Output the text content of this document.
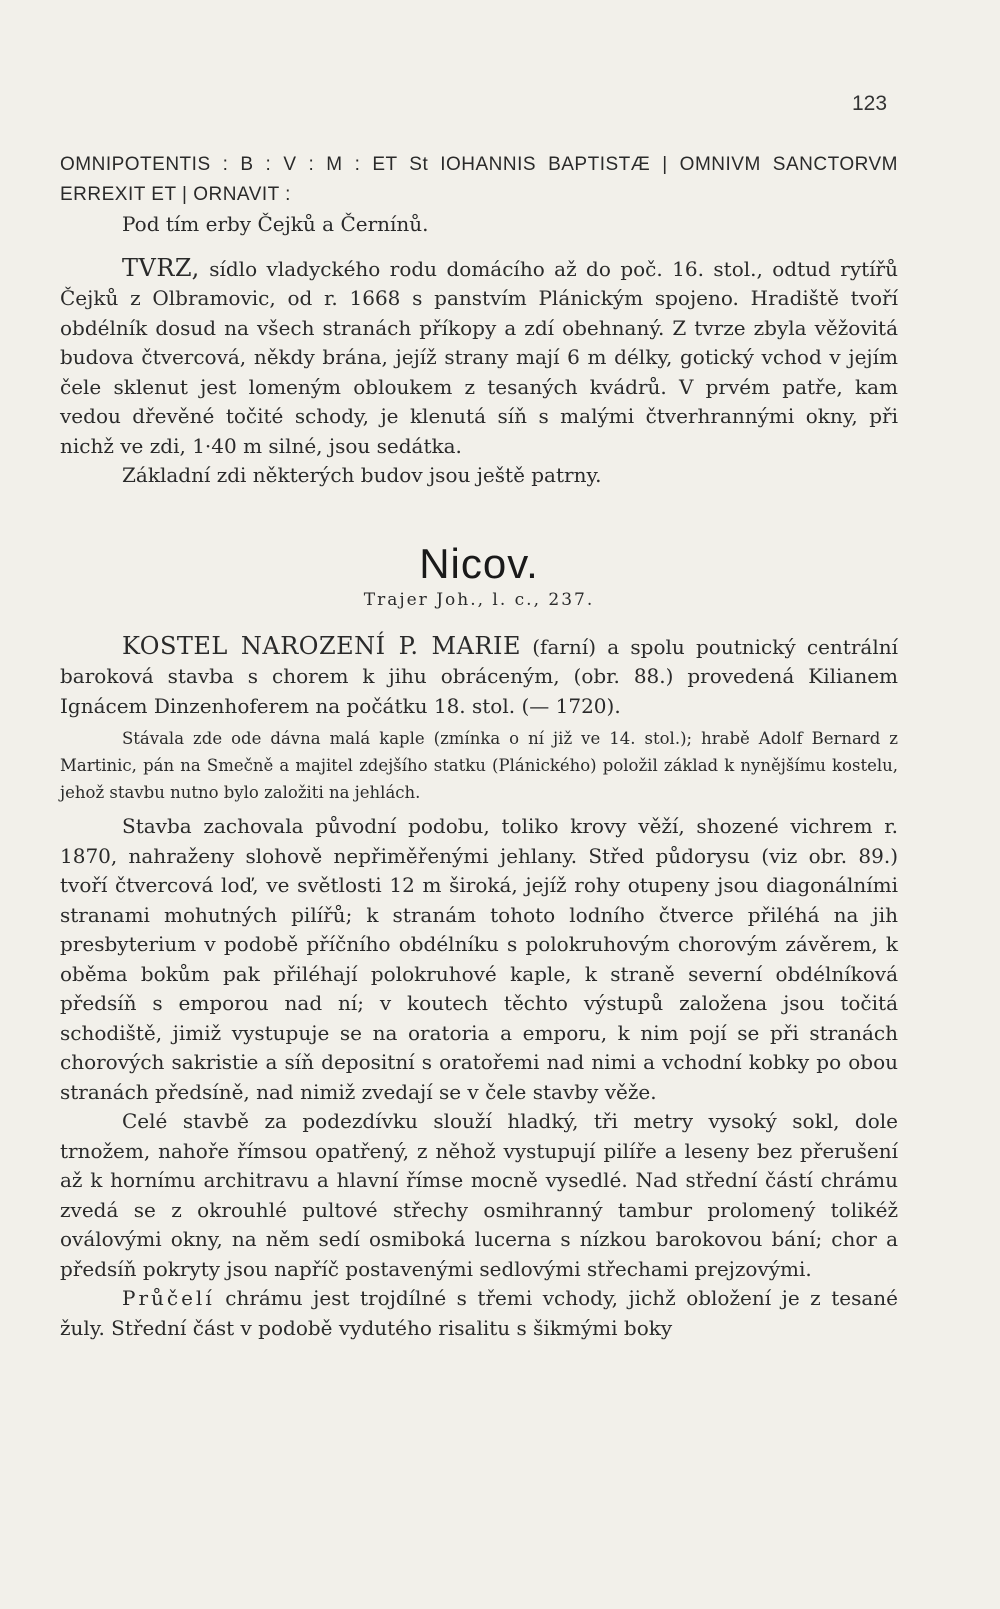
123

OMNIPOTENTIS : B : V : M : ET St IOHANNIS BAPTISTÆ | OMNIVM SANCTORVM ERREXIT ET | ORNAVIT :

Pod tím erby Čejků a Černínů.

TVRZ, sídlo vladyckého rodu domácího až do poč. 16. stol., odtud rytířů Čejků z Olbramovic, od r. 1668 s panstvím Plánickým spojeno. Hradiště tvoří obdélník dosud na všech stranách příkopy a zdí obehnaný. Z tvrze zbyla věžovitá budova čtvercová, někdy brána, jejíž strany mají 6 m délky, gotický vchod v jejím čele sklenut jest lomeným obloukem z tesaných kvádrů. V prvém patře, kam vedou dřevěné točité schody, je klenutá síň s malými čtverhrannými okny, při nichž ve zdi, 1·40 m silné, jsou sedátka.

Základní zdi některých budov jsou ještě patrny.

Nicov.
Trajer Joh., l. c., 237.

KOSTEL NAROZENÍ P. MARIE (farní) a spolu poutnický centrální baroková stavba s chorem k jihu obráceným, (obr. 88.) provedená Kilianem Ignácem Dinzenhoferem na počátku 18. stol. (— 1720).

Stávala zde ode dávna malá kaple (zmínka o ní již ve 14. stol.); hrabě Adolf Bernard z Martinic, pán na Smečně a majitel zdejšího statku (Plánického) položil základ k nynějšímu kostelu, jehož stavbu nutno bylo založiti na jehlách.

Stavba zachovala původní podobu, toliko krovy věží, shozené vichrem r. 1870, nahraženy slohově nepřiměřenými jehlany. Střed půdorysu (viz obr. 89.) tvoří čtvercová loď, ve světlosti 12 m široká, jejíž rohy otupeny jsou diagonálními stranami mohutných pilířů; k stranám tohoto lodního čtverce přiléhá na jih presbyterium v podobě příčního obdélníku s polokruhovým chorovým závěrem, k oběma bokům pak přiléhají polokruhové kaple, k straně severní obdélníková předsíň s emporou nad ní; v koutech těchto výstupů založena jsou točitá schodiště, jimiž vystupuje se na oratoria a emporu, k nim pojí se při stranách chorových sakristie a síň depositní s oratořemi nad nimi a vchodní kobky po obou stranách předsíně, nad nimiž zvedají se v čele stavby věže.

Celé stavbě za podezdívku slouží hladký, tři metry vysoký sokl, dole trnožem, nahoře římsou opatřený, z něhož vystupují pilíře a leseny bez přerušení až k hornímu architravu a hlavní římse mocně vysedlé. Nad střední částí chrámu zvedá se z okrouhlé pultové střechy osmihranný tambur prolomený tolikéž oválovými okny, na něm sedí osmiboká lucerna s nízkou barokovou bání; chor a předsíň pokryty jsou napříč postavenými sedlovými střechami prejzovými.

Průčelí chrámu jest trojdílné s třemi vchody, jichž obložení je z tesané žuly. Střední část v podobě vydutého risalitu s šikmými boky
